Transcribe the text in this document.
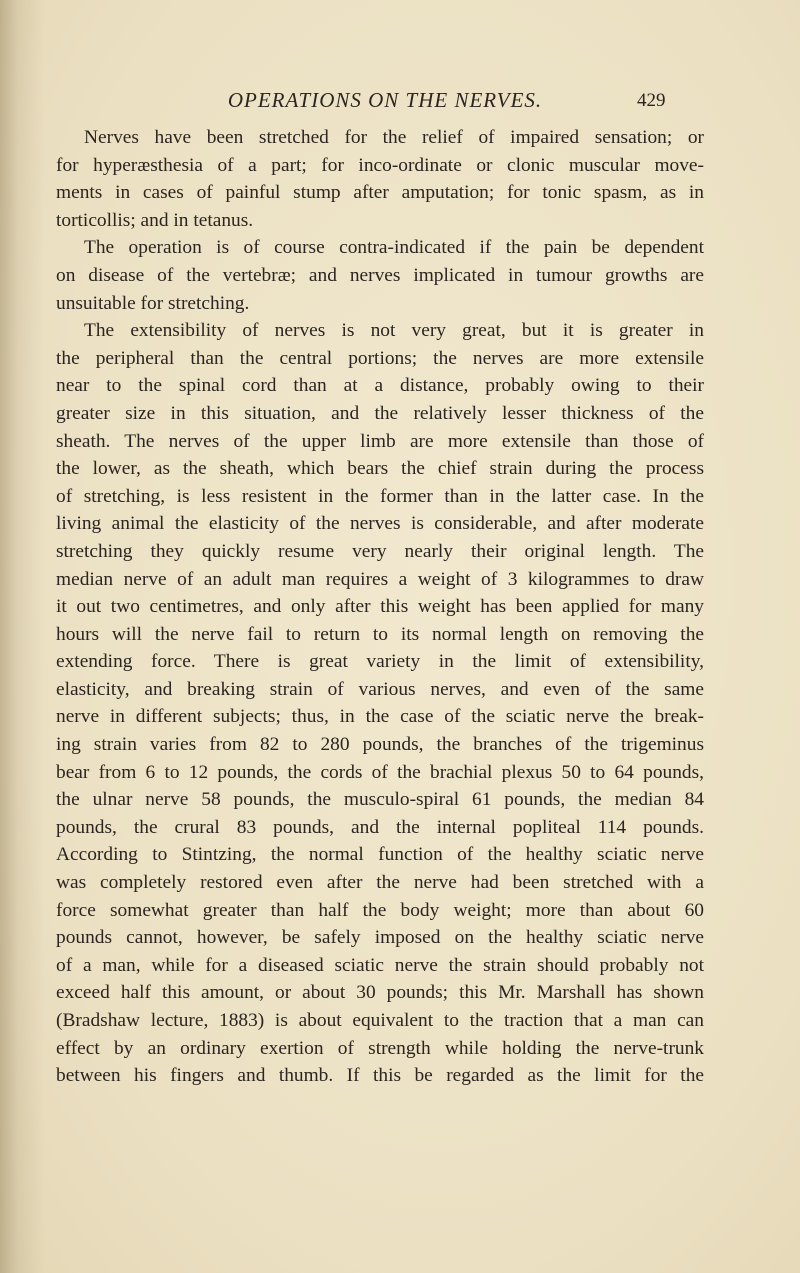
OPERATIONS ON THE NERVES.	429
Nerves have been stretched for the relief of impaired sensation; or
for hyperæsthesia of a part; for inco-ordinate or clonic muscular move-
ments in cases of painful stump after amputation; for tonic spasm, as in
torticollis; and in tetanus.
The operation is of course contra-indicated if the pain be dependent
on disease of the vertebræ; and nerves implicated in tumour growths are
unsuitable for stretching.
The extensibility of nerves is not very great, but it is greater in
the peripheral than the central portions; the nerves are more extensile
near to the spinal cord than at a distance, probably owing to their
greater size in this situation, and the relatively lesser thickness of the
sheath. The nerves of the upper limb are more extensile than those of
the lower, as the sheath, which bears the chief strain during the process
of stretching, is less resistent in the former than in the latter case. In the
living animal the elasticity of the nerves is considerable, and after moderate
stretching they quickly resume very nearly their original length. The
median nerve of an adult man requires a weight of 3 kilogrammes to draw
it out two centimetres, and only after this weight has been applied for many
hours will the nerve fail to return to its normal length on removing the
extending force. There is great variety in the limit of extensibility,
elasticity, and breaking strain of various nerves, and even of the same
nerve in different subjects; thus, in the case of the sciatic nerve the break-
ing strain varies from 82 to 280 pounds, the branches of the trigeminus
bear from 6 to 12 pounds, the cords of the brachial plexus 50 to 64 pounds,
the ulnar nerve 58 pounds, the musculo-spiral 61 pounds, the median 84
pounds, the crural 83 pounds, and the internal popliteal 114 pounds.
According to Stintzing, the normal function of the healthy sciatic nerve
was completely restored even after the nerve had been stretched with a
force somewhat greater than half the body weight; more than about 60
pounds cannot, however, be safely imposed on the healthy sciatic nerve
of a man, while for a diseased sciatic nerve the strain should probably not
exceed half this amount, or about 30 pounds; this Mr. Marshall has shown
(Bradshaw lecture, 1883) is about equivalent to the traction that a man can
effect by an ordinary exertion of strength while holding the nerve-trunk
between his fingers and thumb. If this be regarded as the limit for the
